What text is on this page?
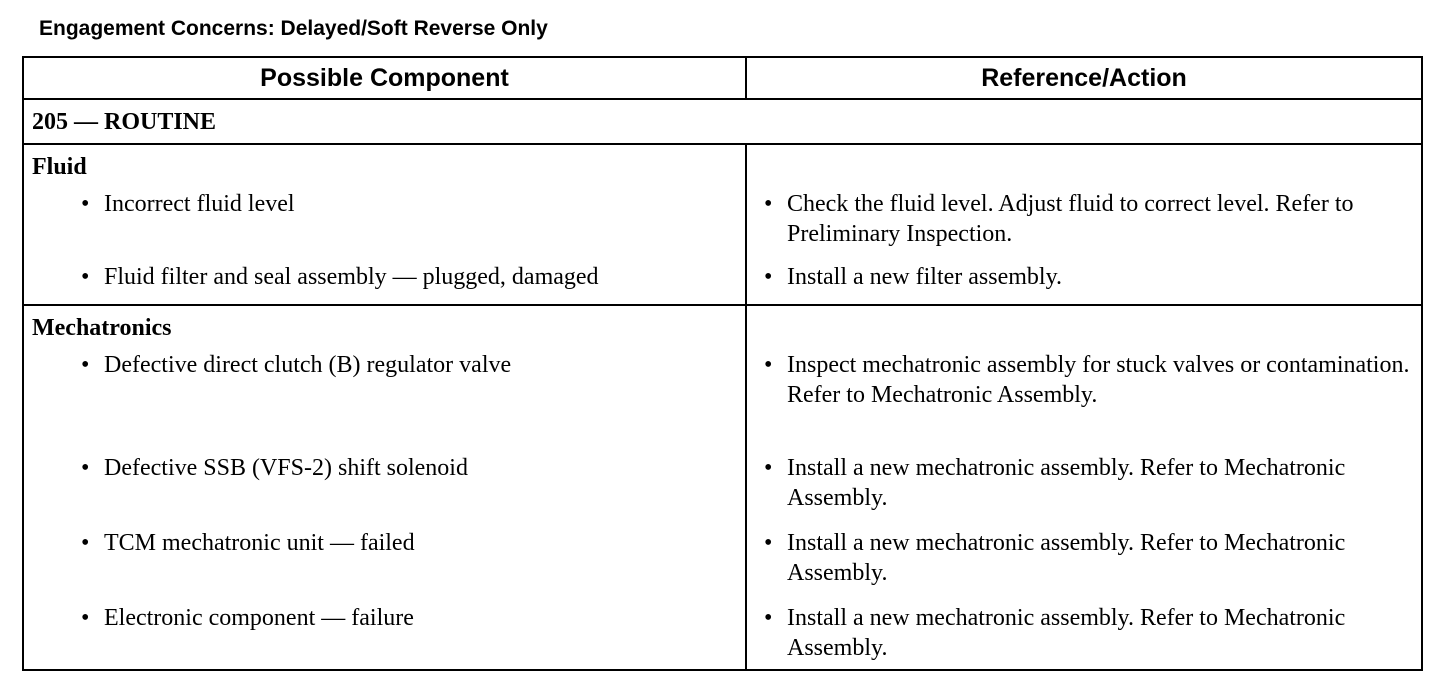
Engagement Concerns: Delayed/Soft Reverse Only
Possible Component	Reference/Action
205 — ROUTINE	
Fluid	

• Incorrect fluid level	• Check the fluid level. Adjust fluid to correct level. Refer to Preliminary Inspection.

• Fluid filter and seal assembly — plugged, damaged	• Install a new filter assembly.

Mechatronics	

• Defective direct clutch (B) regulator valve	• Inspect mechatronic assembly for stuck valves or contamination. Refer to Mechatronic Assembly.

• Defective SSB (VFS-2) shift solenoid	• Install a new mechatronic assembly. Refer to Mechatronic Assembly.

• TCM mechatronic unit — failed	• Install a new mechatronic assembly. Refer to Mechatronic Assembly.

• Electronic component — failure	• Install a new mechatronic assembly. Refer to Mechatronic Assembly.
